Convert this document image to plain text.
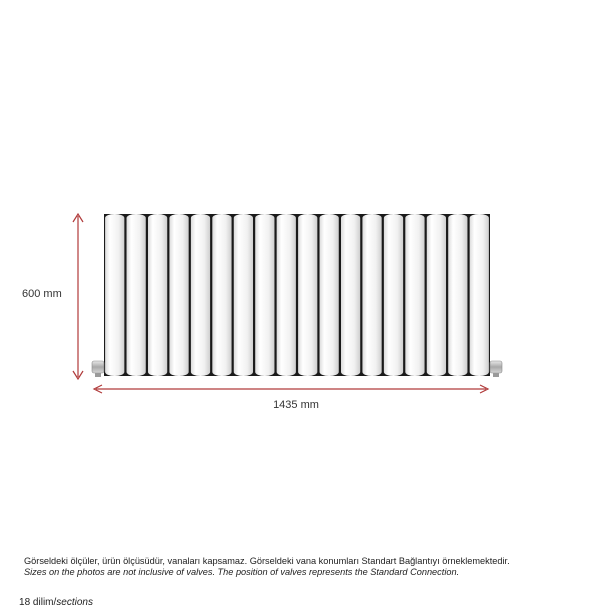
600 mm
1435 mm
18 dilim/sections
Görseldeki ölçüler, ürün ölçüsüdür, vanaları kapsamaz. Görseldeki vana konumları Standart Bağlantıyı örneklemektedir.
Sizes on the photos are not inclusive of valves. The position of valves represents the Standard Connection.
